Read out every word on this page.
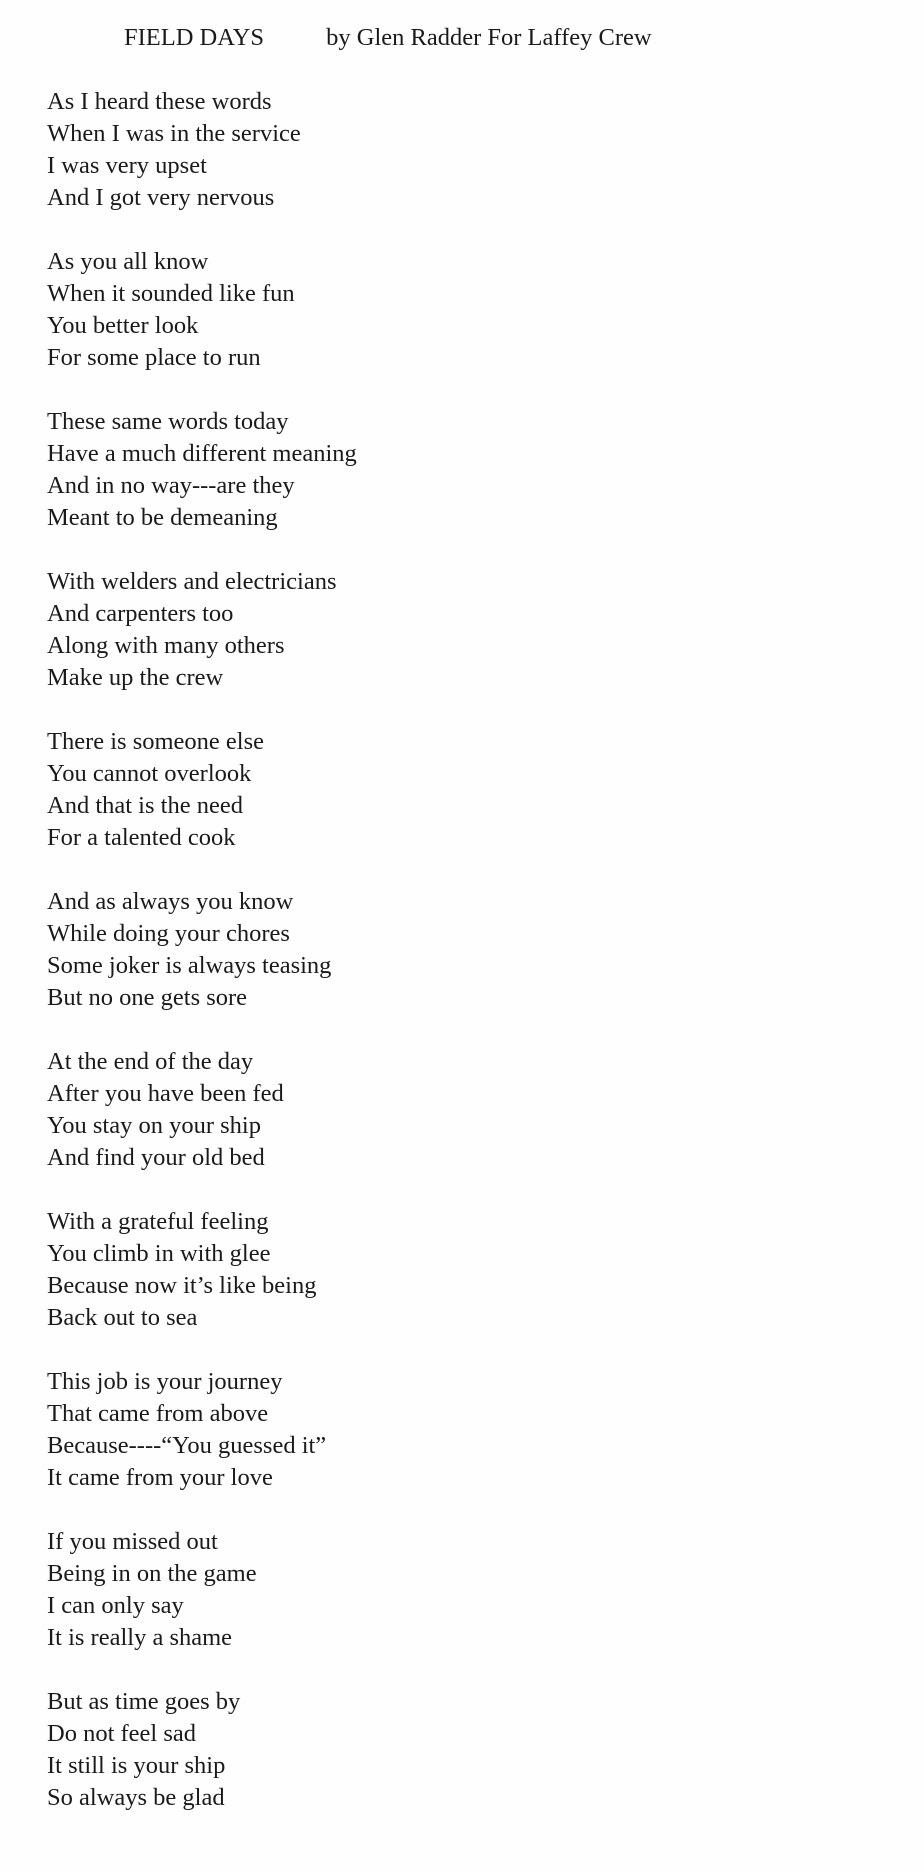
FIELD DAYS	by Glen Radder For Laffey Crew
As I heard these words
When I was in the service
I was very upset
And I got very nervous
As you all know
When it sounded like fun
You better look
For some place to run
These same words today
Have a much different meaning
And in no way---are they
Meant to be demeaning
With welders and electricians
And carpenters too
Along with many others
Make up the crew
There is someone else
You cannot overlook
And that is the need
For a talented cook
And as always you know
While doing your chores
Some joker is always teasing
But no one gets sore
At the end of the day
After you have been fed
You stay on your ship
And find your old bed
With a grateful feeling
You climb in with glee
Because now it’s like being
Back out to sea
This job is your journey
That came from above
Because----“You guessed it”
It came from your love
If you missed out
Being in on the game
I can only say
It is really a shame
But as time goes by
Do not feel sad
It still is your ship
So always be glad
